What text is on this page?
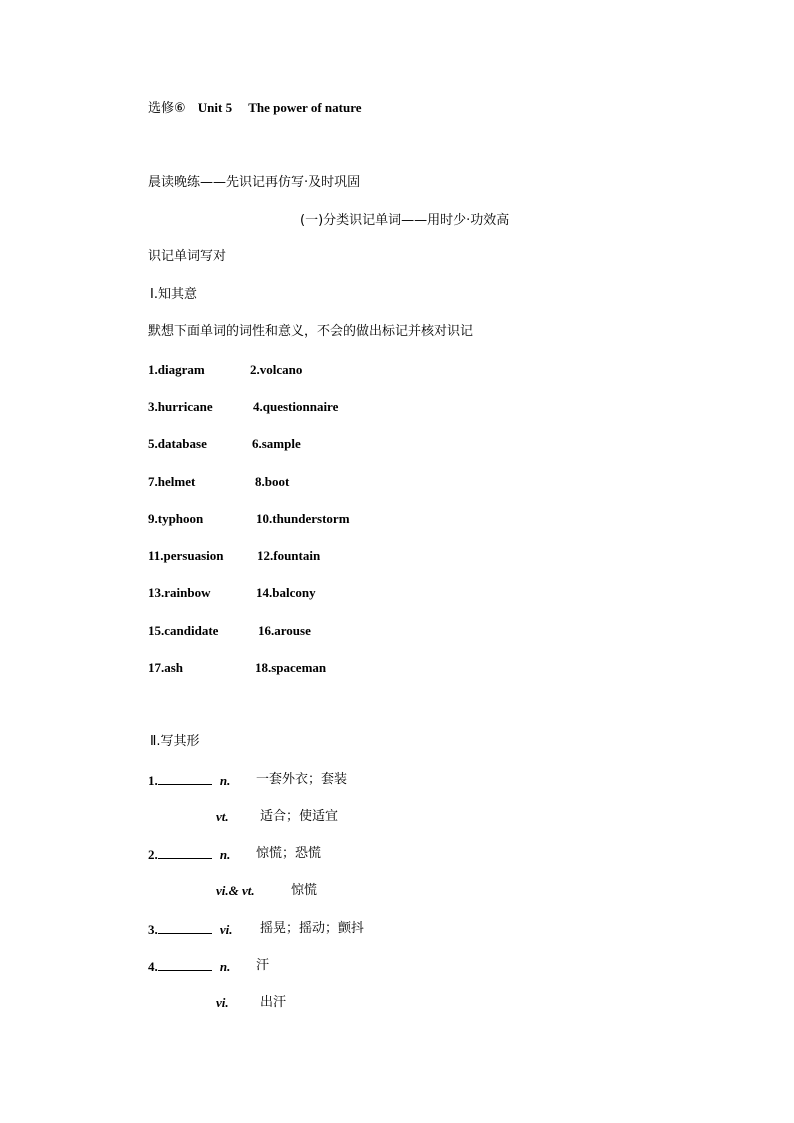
选修⑥ Unit 5 The power of nature
晨读晚练——先识记再仿写·及时巩固
(一)分类识记单词——用时少·功效高
识记单词写对
Ⅰ.知其意
默想下面单词的词性和意义，不会的做出标记并核对识记
1.diagram	2.volcano
3.hurricane	4.questionnaire
5.database	6.sample
7.helmet	8.boot
9.typhoon	10.thunderstorm
11.persuasion	12.fountain
13.rainbow	14.balcony
15.candidate	16.arouse
17.ash	18.spaceman
Ⅱ.写其形
1.	n. 一套外衣；套装
vt. 适合；使适宜
2.	n. 惊慌；恐慌
vi.& vt.	惊慌
3.	vi. 摇晃；摇动；颤抖
4.	n. 汗
vi. 出汗
